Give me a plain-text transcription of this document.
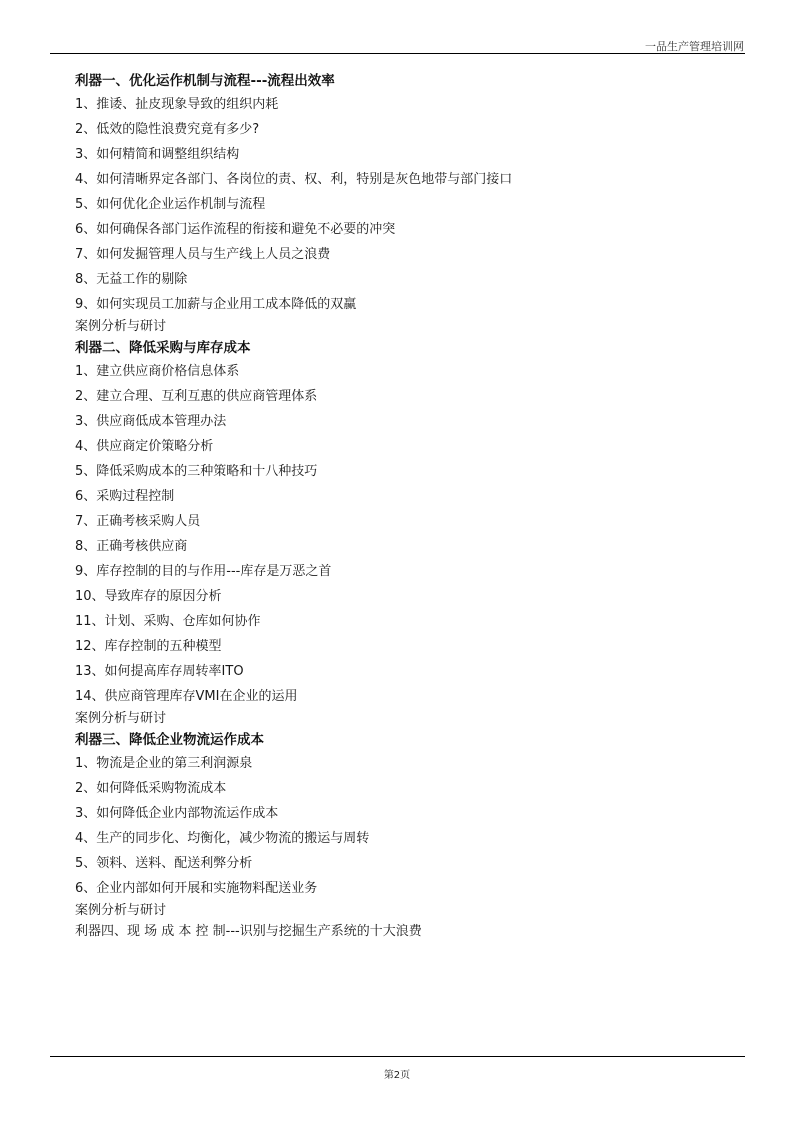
一品生产管理培训网
利器一、优化运作机制与流程---流程出效率
1、推诿、扯皮现象导致的组织内耗
2、低效的隐性浪费究竟有多少?
3、如何精简和调整组织结构
4、如何清晰界定各部门、各岗位的责、权、利，特别是灰色地带与部门接口
5、如何优化企业运作机制与流程
6、如何确保各部门运作流程的衔接和避免不必要的冲突
7、如何发掘管理人员与生产线上人员之浪费
8、无益工作的剔除
9、如何实现员工加薪与企业用工成本降低的双赢
案例分析与研讨
利器二、降低采购与库存成本
1、建立供应商价格信息体系
2、建立合理、互利互惠的供应商管理体系
3、供应商低成本管理办法
4、供应商定价策略分析
5、降低采购成本的三种策略和十八种技巧
6、采购过程控制
7、正确考核采购人员
8、正确考核供应商
9、库存控制的目的与作用---库存是万恶之首
10、导致库存的原因分析
11、计划、采购、仓库如何协作
12、库存控制的五种模型
13、如何提高库存周转率ITO
14、供应商管理库存VMI在企业的运用
案例分析与研讨
利器三、降低企业物流运作成本
1、物流是企业的第三利润源泉
2、如何降低采购物流成本
3、如何降低企业内部物流运作成本
4、生产的同步化、均衡化，减少物流的搬运与周转
5、领料、送料、配送利弊分析
6、企业内部如何开展和实施物料配送业务
案例分析与研讨
利器四、现 场 成 本 控 制---识别与挖掘生产系统的十大浪费
第2页
